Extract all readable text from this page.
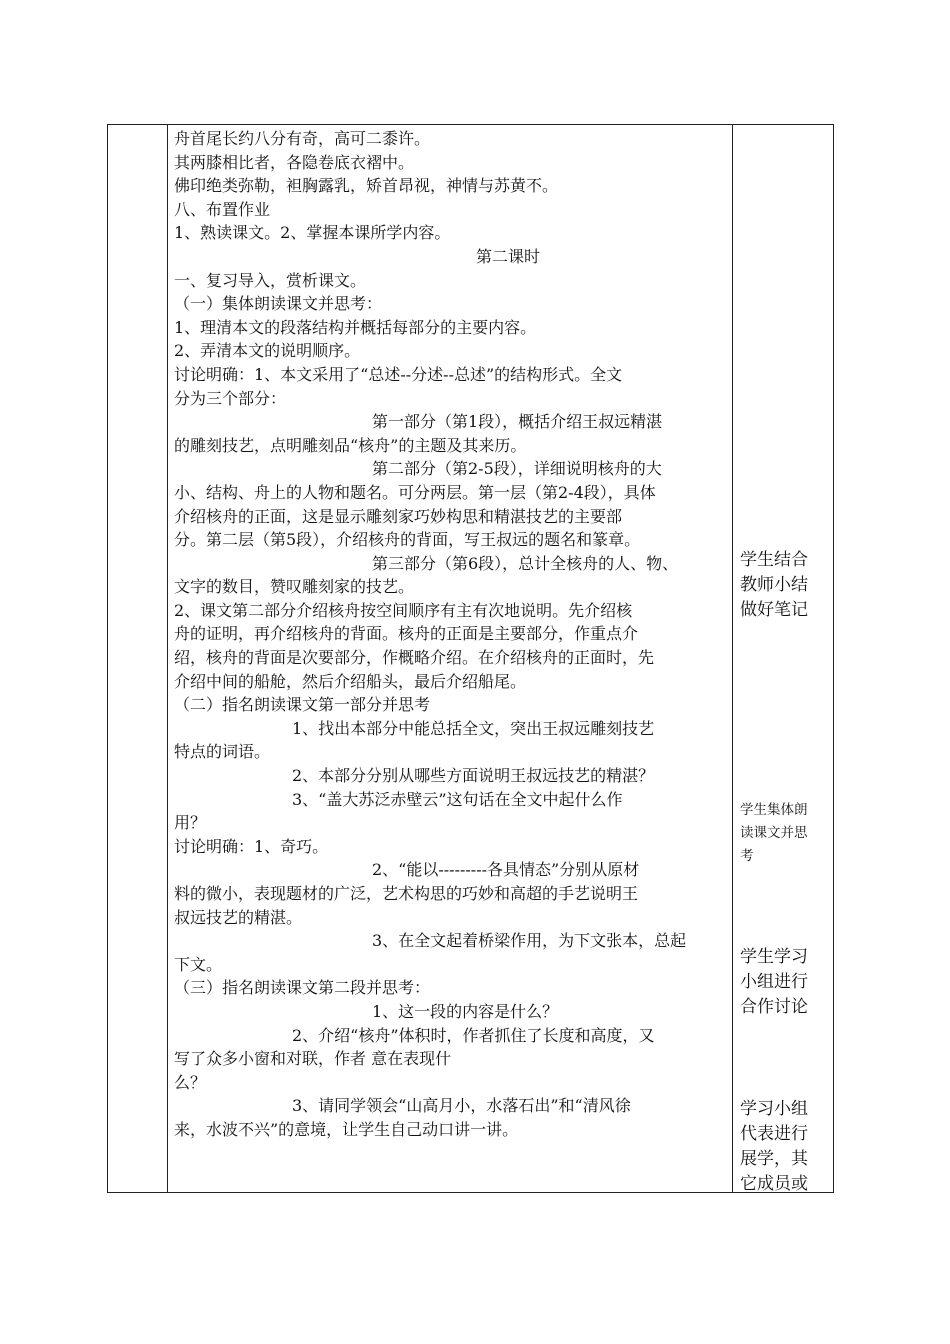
舟首尾长约八分有奇，高可二黍许。
其两膝相比者，各隐卷底衣褶中。
佛印绝类弥勒，袒胸露乳，矫首昂视，神情与苏黄不。
八、布置作业
1、熟读课文。2、掌握本课所学内容。
第二课时
一、复习导入，赏析课文。
（一）集体朗读课文并思考：
1、理清本文的段落结构并概括每部分的主要内容。
2、弄清本文的说明顺序。
讨论明确：1、本文采用了“总述--分述--总述”的结构形式。全文
分为三个部分：
第一部分（第1段），概括介绍王叔远精湛
的雕刻技艺，点明雕刻品“核舟”的主题及其来历。
第二部分（第2-5段），详细说明核舟的大
小、结构、舟上的人物和题名。可分两层。第一层（第2-4段），具体
介绍核舟的正面，这是显示雕刻家巧妙构思和精湛技艺的主要部
分。第二层（第5段），介绍核舟的背面，写王叔远的题名和篆章。
第三部分（第6段），总计全核舟的人、物、
文字的数目，赞叹雕刻家的技艺。
2、课文第二部分介绍核舟按空间顺序有主有次地说明。先介绍核
舟的证明，再介绍核舟的背面。核舟的正面是主要部分，作重点介
绍，核舟的背面是次要部分，作概略介绍。在介绍核舟的正面时，先
介绍中间的船舱，然后介绍船头，最后介绍船尾。
（二）指名朗读课文第一部分并思考
1、找出本部分中能总括全文，突出王叔远雕刻技艺
特点的词语。
2、本部分分别从哪些方面说明王叔远技艺的精湛？
3、“盖大苏泛赤壁云”这句话在全文中起什么作
用？
讨论明确：1、奇巧。
2、“能以---------各具情态”分别从原材
料的微小，表现题材的广泛，艺术构思的巧妙和高超的手艺说明王
叔远技艺的精湛。
3、在全文起着桥梁作用，为下文张本，总起
下文。
（三）指名朗读课文第二段并思考：
1、这一段的内容是什么？
2、介绍“核舟”体积时，作者抓住了长度和高度，又
写了众多小窗和对联，作者 意在表现什
么？
3、请同学领会“山高月小，水落石出”和“清风徐
来，水波不兴”的意境，让学生自己动口讲一讲。
学生结合
教师小结
做好笔记
学生集体朗
读课文并思
考
学生学习
小组进行
合作讨论
学习小组
代表进行
展学，其
它成员或
